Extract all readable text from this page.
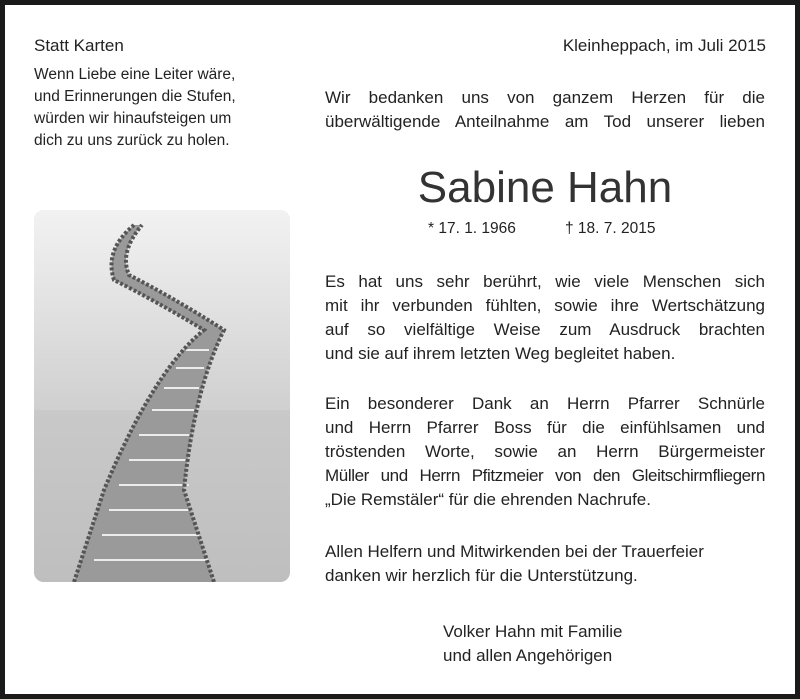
Statt Karten	Kleinheppach, im Juli 2015
Wenn Liebe eine Leiter wäre,
und Erinnerungen die Stufen,
würden wir hinaufsteigen um
dich zu uns zurück zu holen.
Wir bedanken uns von ganzem Herzen für die
überwältigende Anteilnahme am Tod unserer lieben
Sabine Hahn
* 17. 1. 1966	† 18. 7. 2015
Es hat uns sehr berührt, wie viele Menschen sich
mit ihr verbunden fühlten, sowie ihre Wertschätzung
auf so vielfältige Weise zum Ausdruck brachten
und sie auf ihrem letzten Weg begleitet haben.
Ein besonderer Dank an Herrn Pfarrer Schnürle
und Herrn Pfarrer Boss für die einfühlsamen und
tröstenden Worte, sowie an Herrn Bürgermeister
Müller und Herrn Pfitzmeier von den Gleitschirmfliegern
„Die Remstäler“ für die ehrenden Nachrufe.
Allen Helfern und Mitwirkenden bei der Trauerfeier
danken wir herzlich für die Unterstützung.
Volker Hahn mit Familie
und allen Angehörigen
